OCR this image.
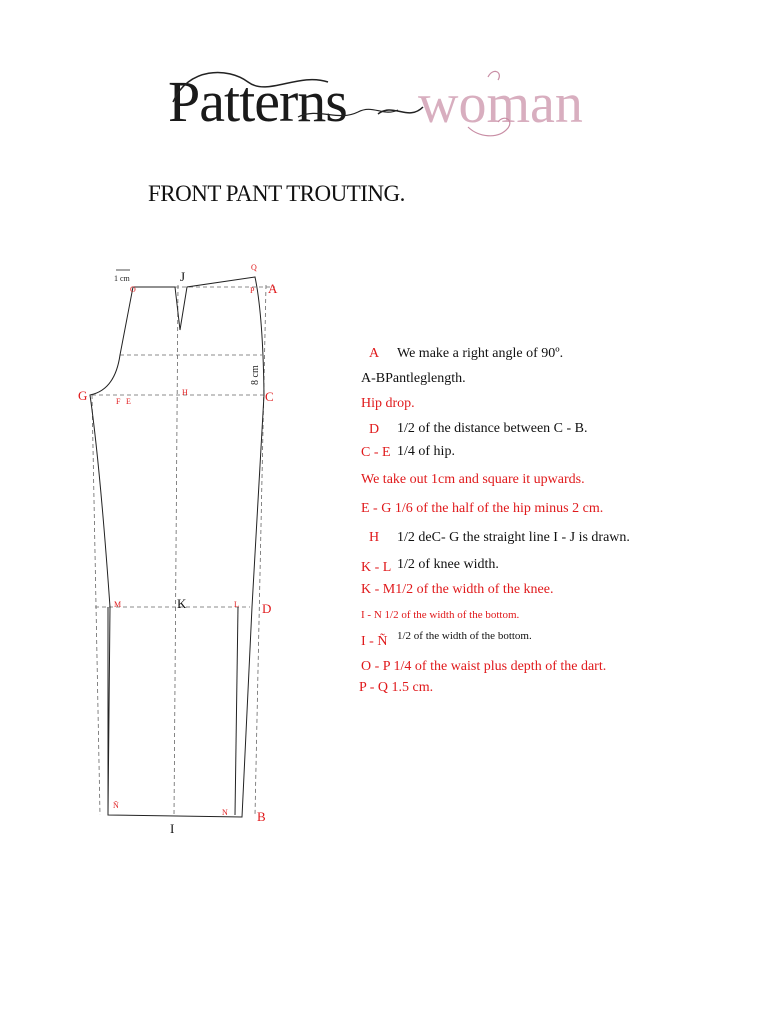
Patterns woman
FRONT PANT TROUTING.
1 cm
8 cm
J
K
I
Q
A
O	P
G	F E
H	C
M	L D
Ñ
N B
A We make a right angle of 90º.
A-BPantleglength.
Hip drop.
D 1/2 of the distance between C - B.
C - E 1/4 of hip.
We take out 1cm and square it upwards.
E - G 1/6 of the half of the hip minus 2 cm.
H 1/2 deC- G the straight line I - J is drawn.
K - L 1/2 of knee width.
K - M1/2 of the width of the knee.
I - N 1/2 of the width of the bottom.
I - Ñ 1/2 of the width of the bottom.
O - P 1/4 of the waist plus depth of the dart.
P - Q 1.5 cm.
